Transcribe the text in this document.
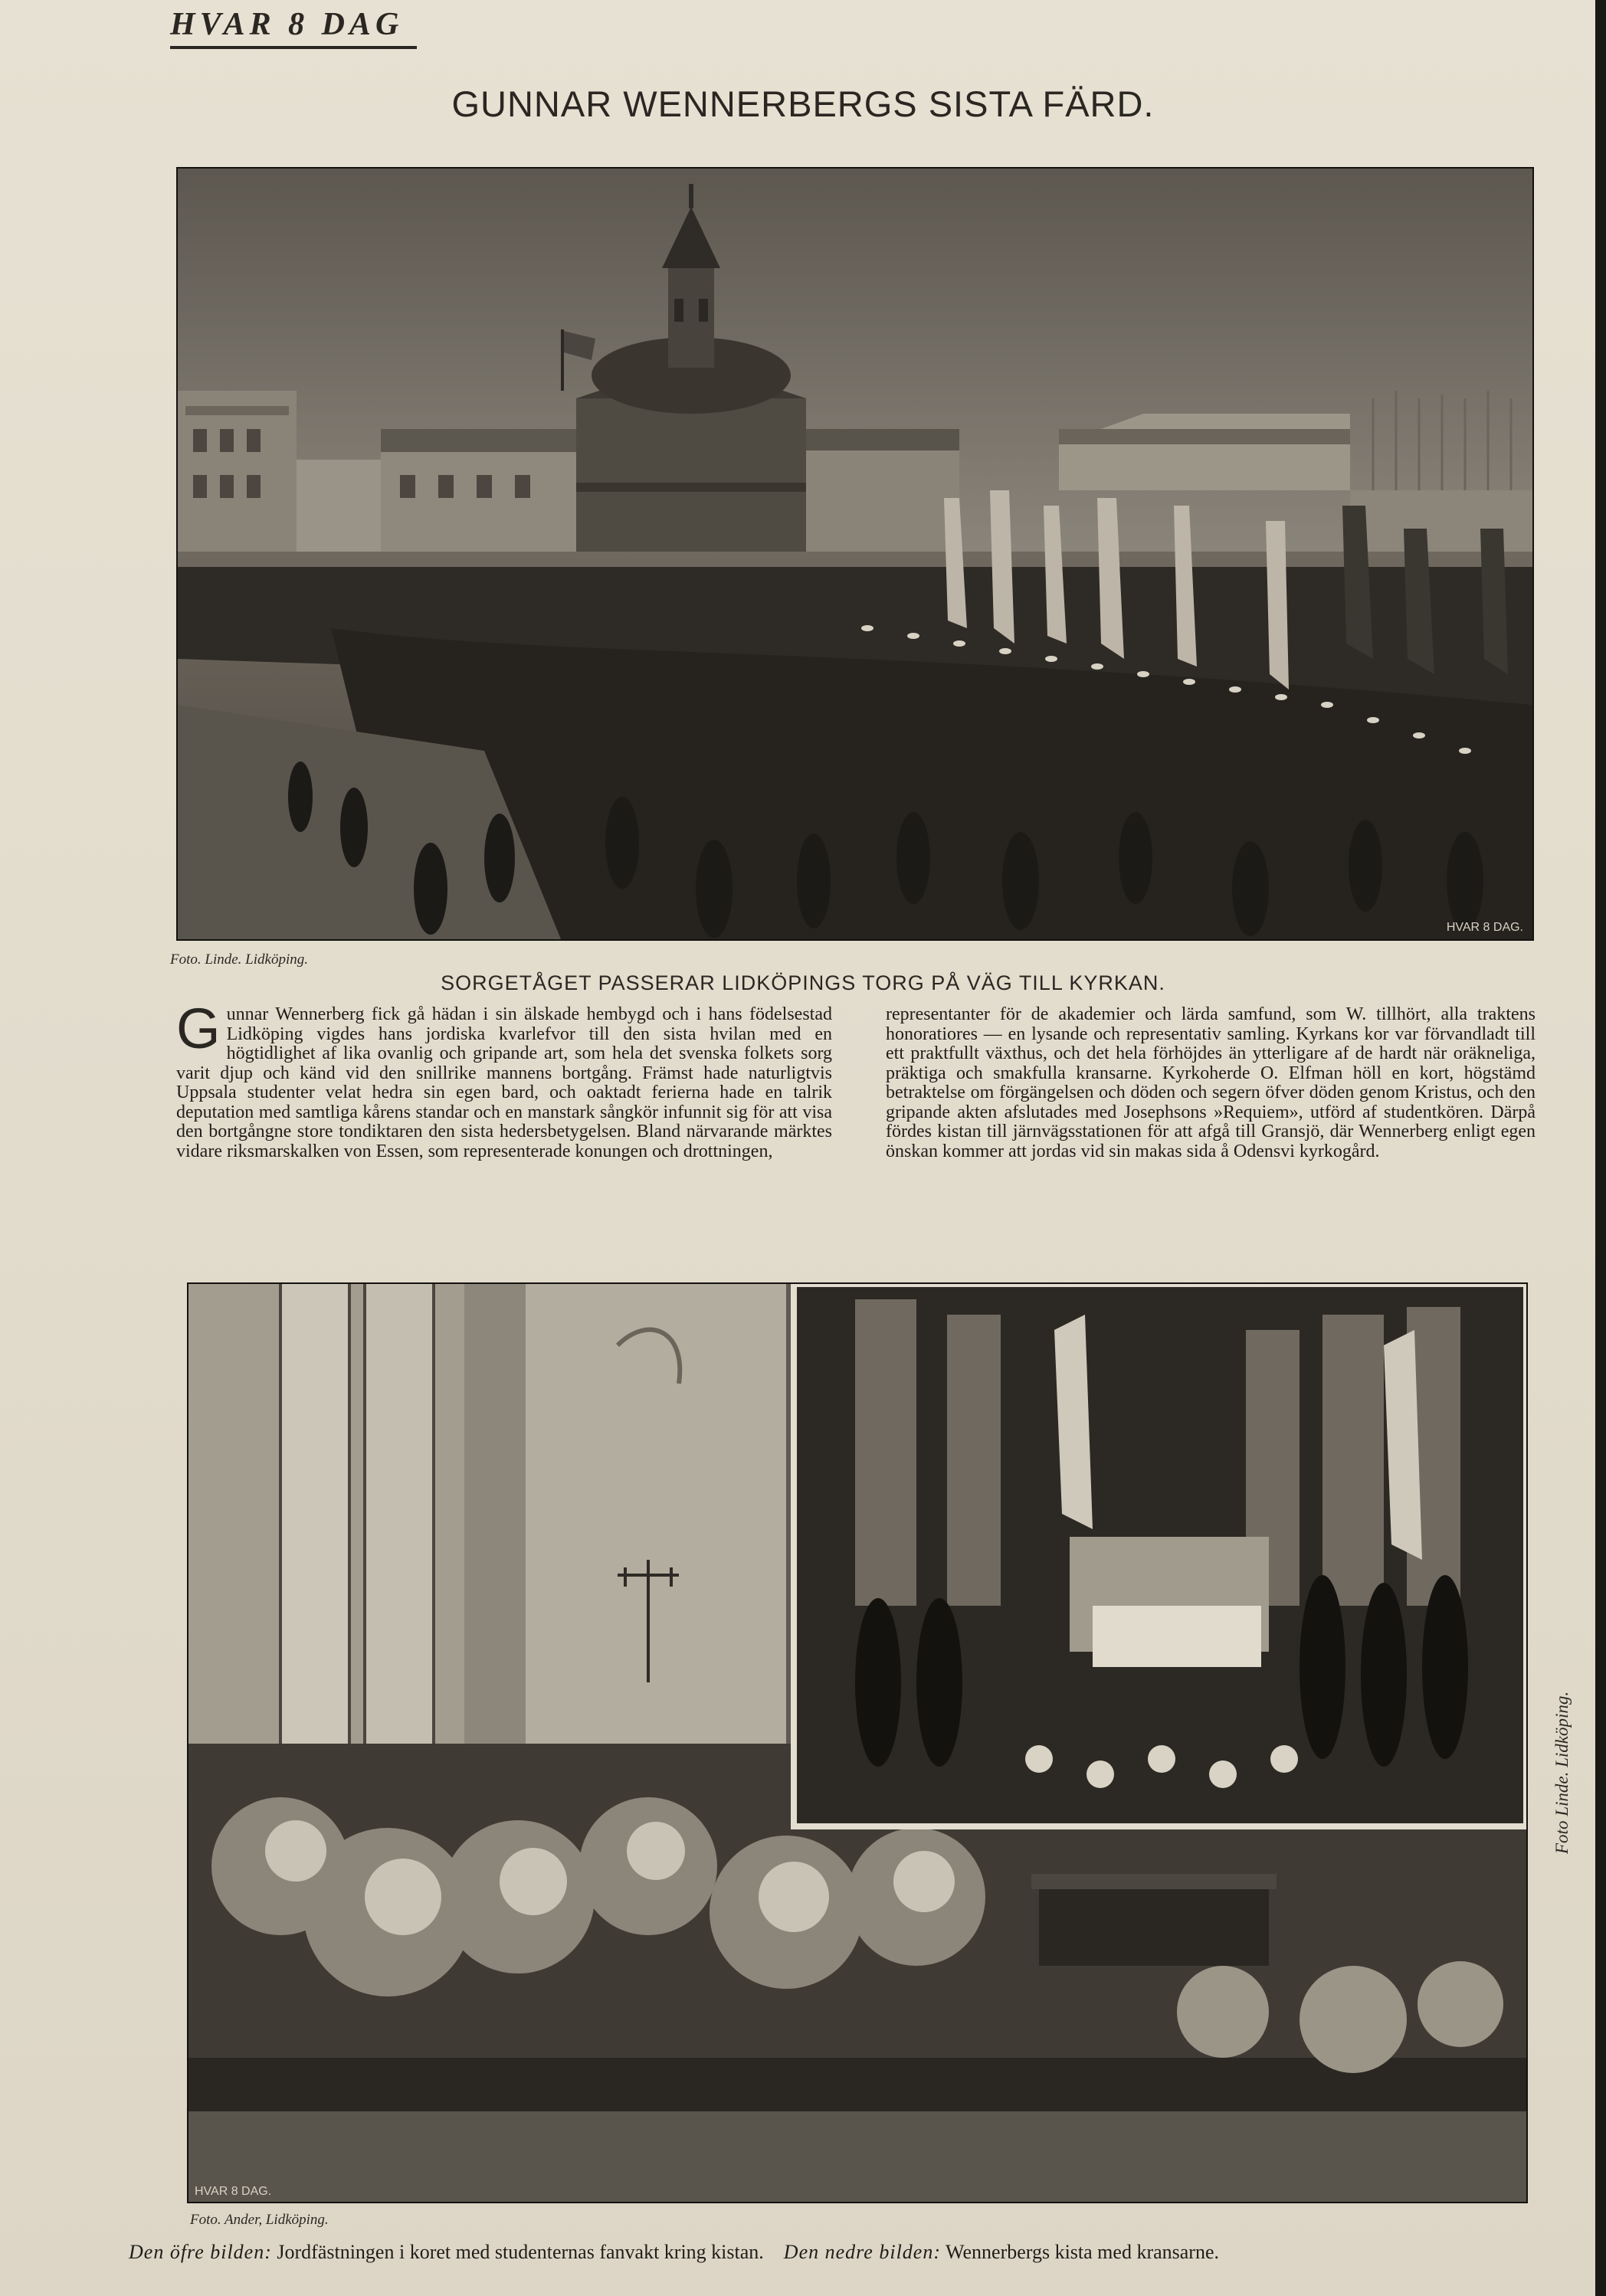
HVAR 8 DAG
GUNNAR WENNERBERGS SISTA FÄRD.
HVAR 8 DAG.
Foto. Linde. Lidköping.
SORGETÅGET PASSERAR LIDKÖPINGS TORG PÅ VÄG TILL KYRKAN.
Gunnar Wennerberg fick gå hädan i sin älskade hembygd och i hans födelsestad Lidköping vigdes hans jordiska kvarlefvor till den sista hvilan med en högtidlighet af lika ovanlig och gripande art, som hela det svenska folkets sorg varit djup och känd vid den snillrike mannens bortgång. Främst hade naturligtvis Uppsala studenter velat hedra sin egen bard, och oaktadt ferierna hade en talrik deputation med samtliga kårens standar och en manstark sångkör infunnit sig för att visa den bortgångne store tondiktaren den sista hedersbetygelsen. Bland närvarande märktes vidare riksmarskalken von Essen, som representerade konungen och drottningen,
representanter för de akademier och lärda samfund, som W. tillhört, alla traktens honoratiores — en lysande och representativ samling. Kyrkans kor var förvandladt till ett praktfullt växthus, och det hela förhöjdes än ytterligare af de hardt när oräkneliga, präktiga och smakfulla kransarne. Kyrkoherde O. Elfman höll en kort, högstämd betraktelse om förgängelsen och döden och segern öfver döden genom Kristus, och den gripande akten afslutades med Josephsons »Requiem», utförd af studentkören. Därpå fördes kistan till järnvägsstationen för att afgå till Gransjö, där Wennerberg enligt egen önskan kommer att jordas vid sin makas sida å Odensvi kyrkogård.
HVAR 8 DAG.
Foto. Ander, Lidköping.
Foto Linde. Lidköping.
Den öfre bilden: Jordfästningen i koret med studenternas fanvakt kring kistan. Den nedre bilden: Wennerbergs kista med kransarne.
